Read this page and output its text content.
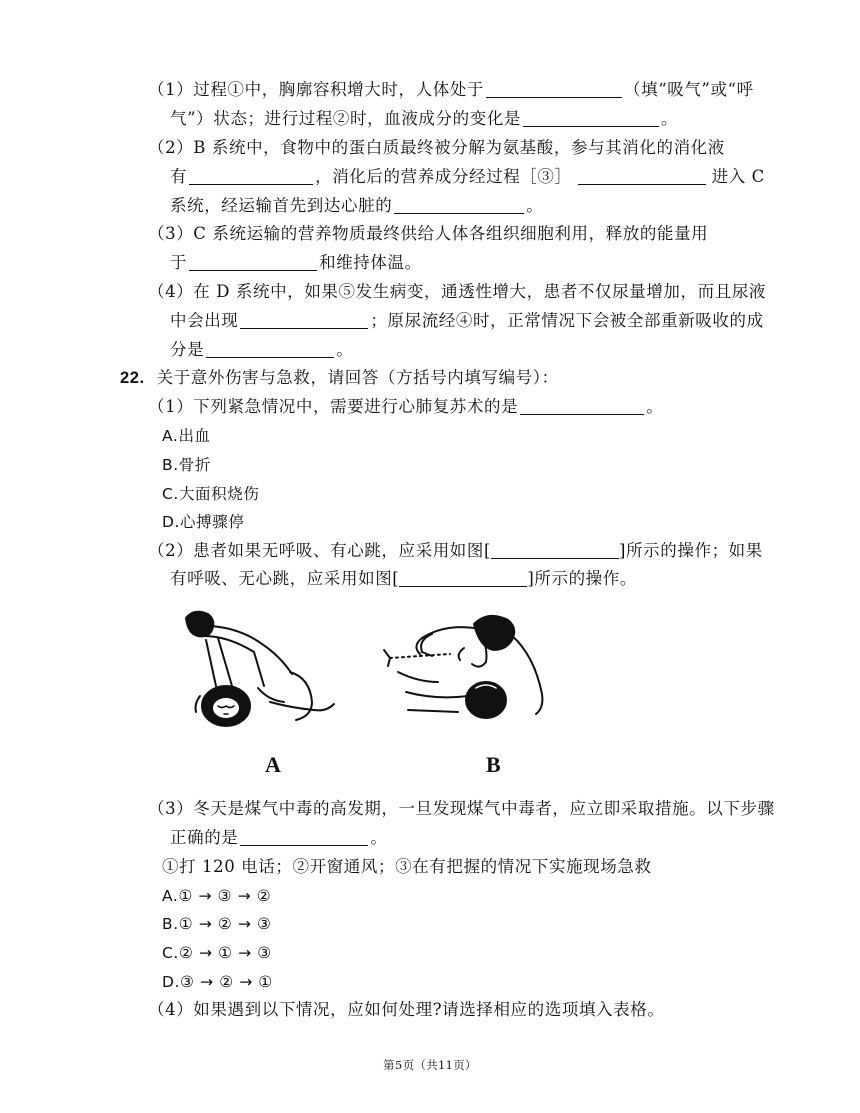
（1）过程①中，胸廓容积增大时，人体处于	（填“吸气”或“呼
气”）状态；进行过程②时，血液成分的变化是	。
（2）B 系统中，食物中的蛋白质最终被分解为氨基酸，参与其消化的消化液
有	，消化后的营养成分经过程［③］	进入 C
系统，经运输首先到达心脏的	。
（3）C 系统运输的营养物质最终供给人体各组织细胞利用，释放的能量用
于	和维持体温。
（4）在 D 系统中，如果⑤发生病变，通透性增大，患者不仅尿量增加，而且尿液
中会出现	；原尿流经④时，正常情况下会被全部重新吸收的成
分是	。
22. 关于意外伤害与急救，请回答（方括号内填写编号）：
（1）下列紧急情况中，需要进行心肺复苏术的是	。
A.出血
B.骨折
C.大面积烧伤
D.心搏骤停
（2）患者如果无呼吸、有心跳，应采用如图[	]所示的操作；如果
有呼吸、无心跳，应采用如图[	]所示的操作。
A	B
（3）冬天是煤气中毒的高发期，一旦发现煤气中毒者，应立即采取措施。以下步骤
正确的是	。
①打 120 电话；②开窗通风；③在有把握的情况下实施现场急救
A.① → ③ → ②
B.① → ② → ③
C.② → ① → ③
D.③ → ② → ①
（4）如果遇到以下情况，应如何处理?请选择相应的选项填入表格。
第5页（共11页）
